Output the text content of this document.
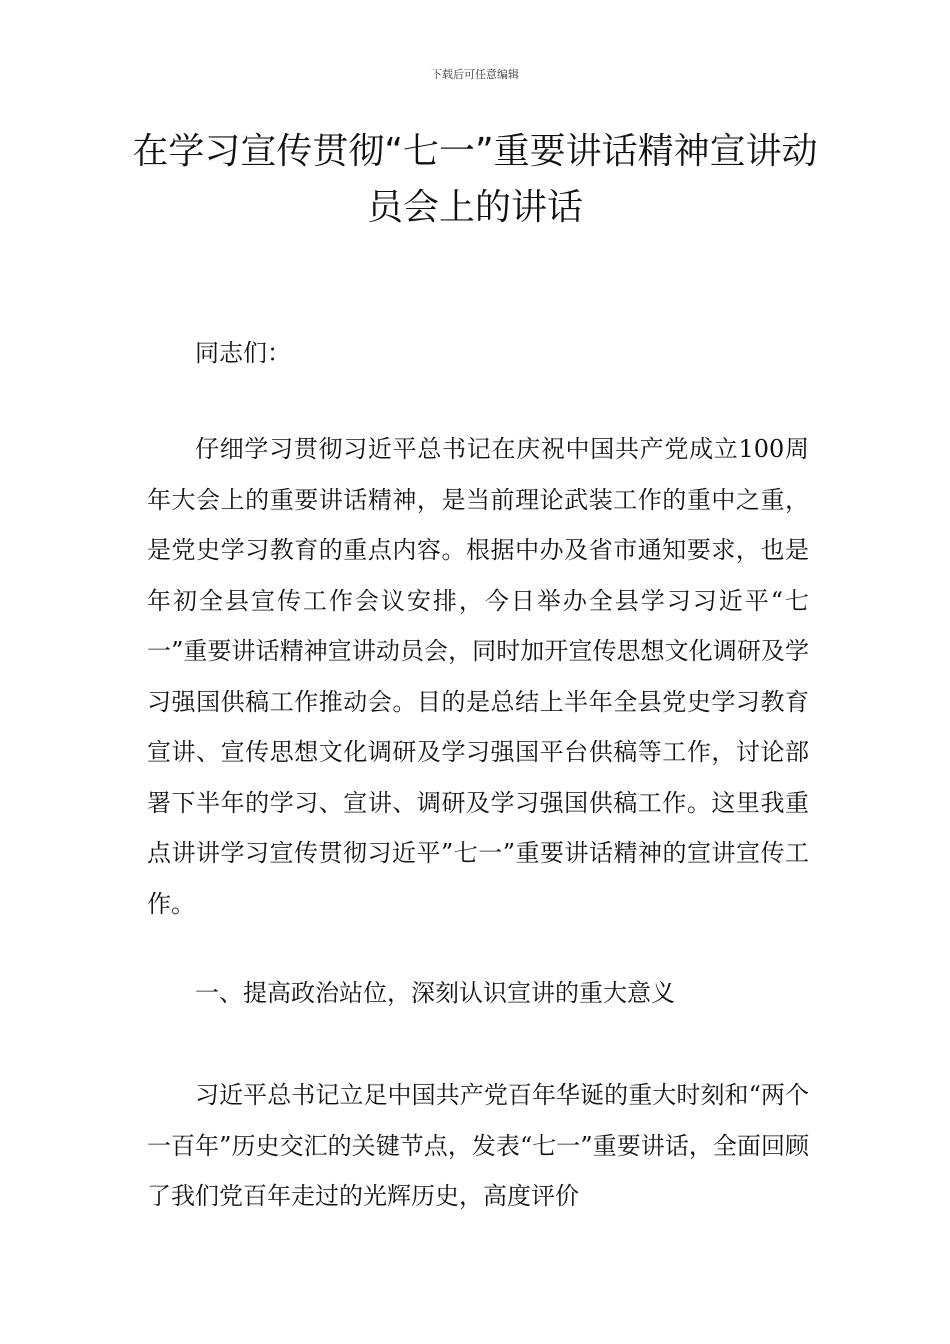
下载后可任意编辑
在学习宣传贯彻“七一”重要讲话精神宣讲动员会上的讲话

同志们：

仔细学习贯彻习近平总书记在庆祝中国共产党成立100周年大会上的重要讲话精神，是当前理论武装工作的重中之重，是党史学习教育的重点内容。根据中办及省市通知要求，也是年初全县宣传工作会议安排，今日举办全县学习习近平“七一”重要讲话精神宣讲动员会，同时加开宣传思想文化调研及学习强国供稿工作推动会。目的是总结上半年全县党史学习教育宣讲、宣传思想文化调研及学习强国平台供稿等工作，讨论部署下半年的学习、宣讲、调研及学习强国供稿工作。这里我重点讲讲学习宣传贯彻习近平”七一”重要讲话精神的宣讲宣传工作。

一、提高政治站位，深刻认识宣讲的重大意义

习近平总书记立足中国共产党百年华诞的重大时刻和“两个一百年”历史交汇的关键节点，发表“七一”重要讲话，全面回顾了我们党百年走过的光辉历史，高度评价
